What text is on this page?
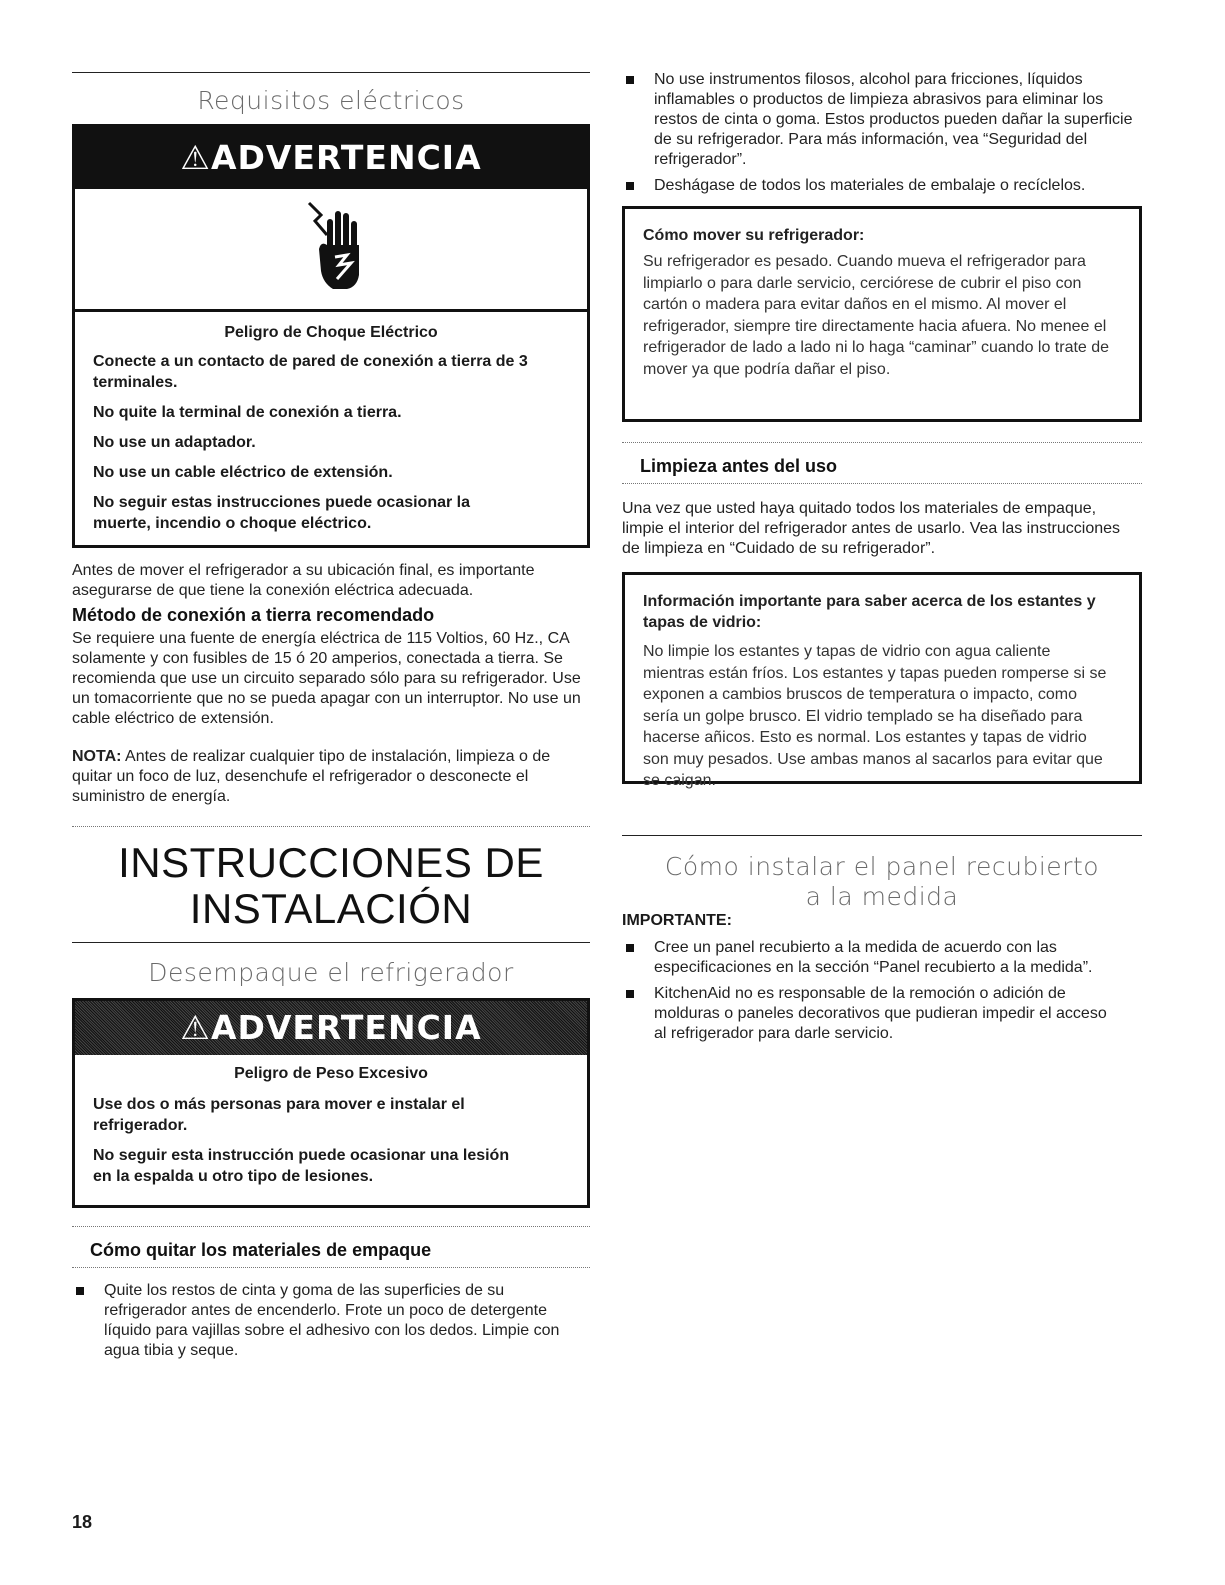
Requisitos eléctricos
⚠ADVERTENCIA

Peligro de Choque Eléctrico

Conecte a un contacto de pared de conexión a tierra de 3 terminales.

No quite la terminal de conexión a tierra.

No use un adaptador.

No use un cable eléctrico de extensión.

No seguir estas instrucciones puede ocasionar la muerte, incendio o choque eléctrico.

Antes de mover el refrigerador a su ubicación final, es importante asegurarse de que tiene la conexión eléctrica adecuada.
Método de conexión a tierra recomendado
Se requiere una fuente de energía eléctrica de 115 Voltios, 60 Hz., CA solamente y con fusibles de 15 ó 20 amperios, conectada a tierra. Se recomienda que use un circuito separado sólo para su refrigerador. Use un tomacorriente que no se pueda apagar con un interruptor. No use un cable eléctrico de extensión.
NOTA: Antes de realizar cualquier tipo de instalación, limpieza o de quitar un foco de luz, desenchufe el refrigerador o desconecte el suministro de energía.
INSTRUCCIONES DE
INSTALACIÓN
Desempaque el refrigerador
⚠ADVERTENCIA

Peligro de Peso Excesivo

Use dos o más personas para mover e instalar el refrigerador.

No seguir esta instrucción puede ocasionar una lesión en la espalda u otro tipo de lesiones.

Cómo quitar los materiales de empaque
Quite los restos de cinta y goma de las superficies de su refrigerador antes de encenderlo. Frote un poco de detergente líquido para vajillas sobre el adhesivo con los dedos. Limpie con agua tibia y seque.
No use instrumentos filosos, alcohol para fricciones, líquidos inflamables o productos de limpieza abrasivos para eliminar los restos de cinta o goma. Estos productos pueden dañar la superficie de su refrigerador. Para más información, vea “Seguridad del refrigerador”.
Deshágase de todos los materiales de embalaje o recíclelos.
Cómo mover su refrigerador:
Su refrigerador es pesado. Cuando mueva el refrigerador para limpiarlo o para darle servicio, cerciórese de cubrir el piso con cartón o madera para evitar daños en el mismo. Al mover el refrigerador, siempre tire directamente hacia afuera. No menee el refrigerador de lado a lado ni lo haga “caminar” cuando lo trate de mover ya que podría dañar el piso.
Limpieza antes del uso
Una vez que usted haya quitado todos los materiales de empaque, limpie el interior del refrigerador antes de usarlo. Vea las instrucciones de limpieza en “Cuidado de su refrigerador”.
Información importante para saber acerca de los estantes y tapas de vidrio:
No limpie los estantes y tapas de vidrio con agua caliente mientras están fríos. Los estantes y tapas pueden romperse si se exponen a cambios bruscos de temperatura o impacto, como sería un golpe brusco. El vidrio templado se ha diseñado para hacerse añicos. Esto es normal. Los estantes y tapas de vidrio son muy pesados. Use ambas manos al sacarlos para evitar que se caigan.
Cómo instalar el panel recubierto
a la medida
IMPORTANTE:
Cree un panel recubierto a la medida de acuerdo con las especificaciones en la sección “Panel recubierto a la medida”.
KitchenAid no es responsable de la remoción o adición de molduras o paneles decorativos que pudieran impedir el acceso al refrigerador para darle servicio.
18
